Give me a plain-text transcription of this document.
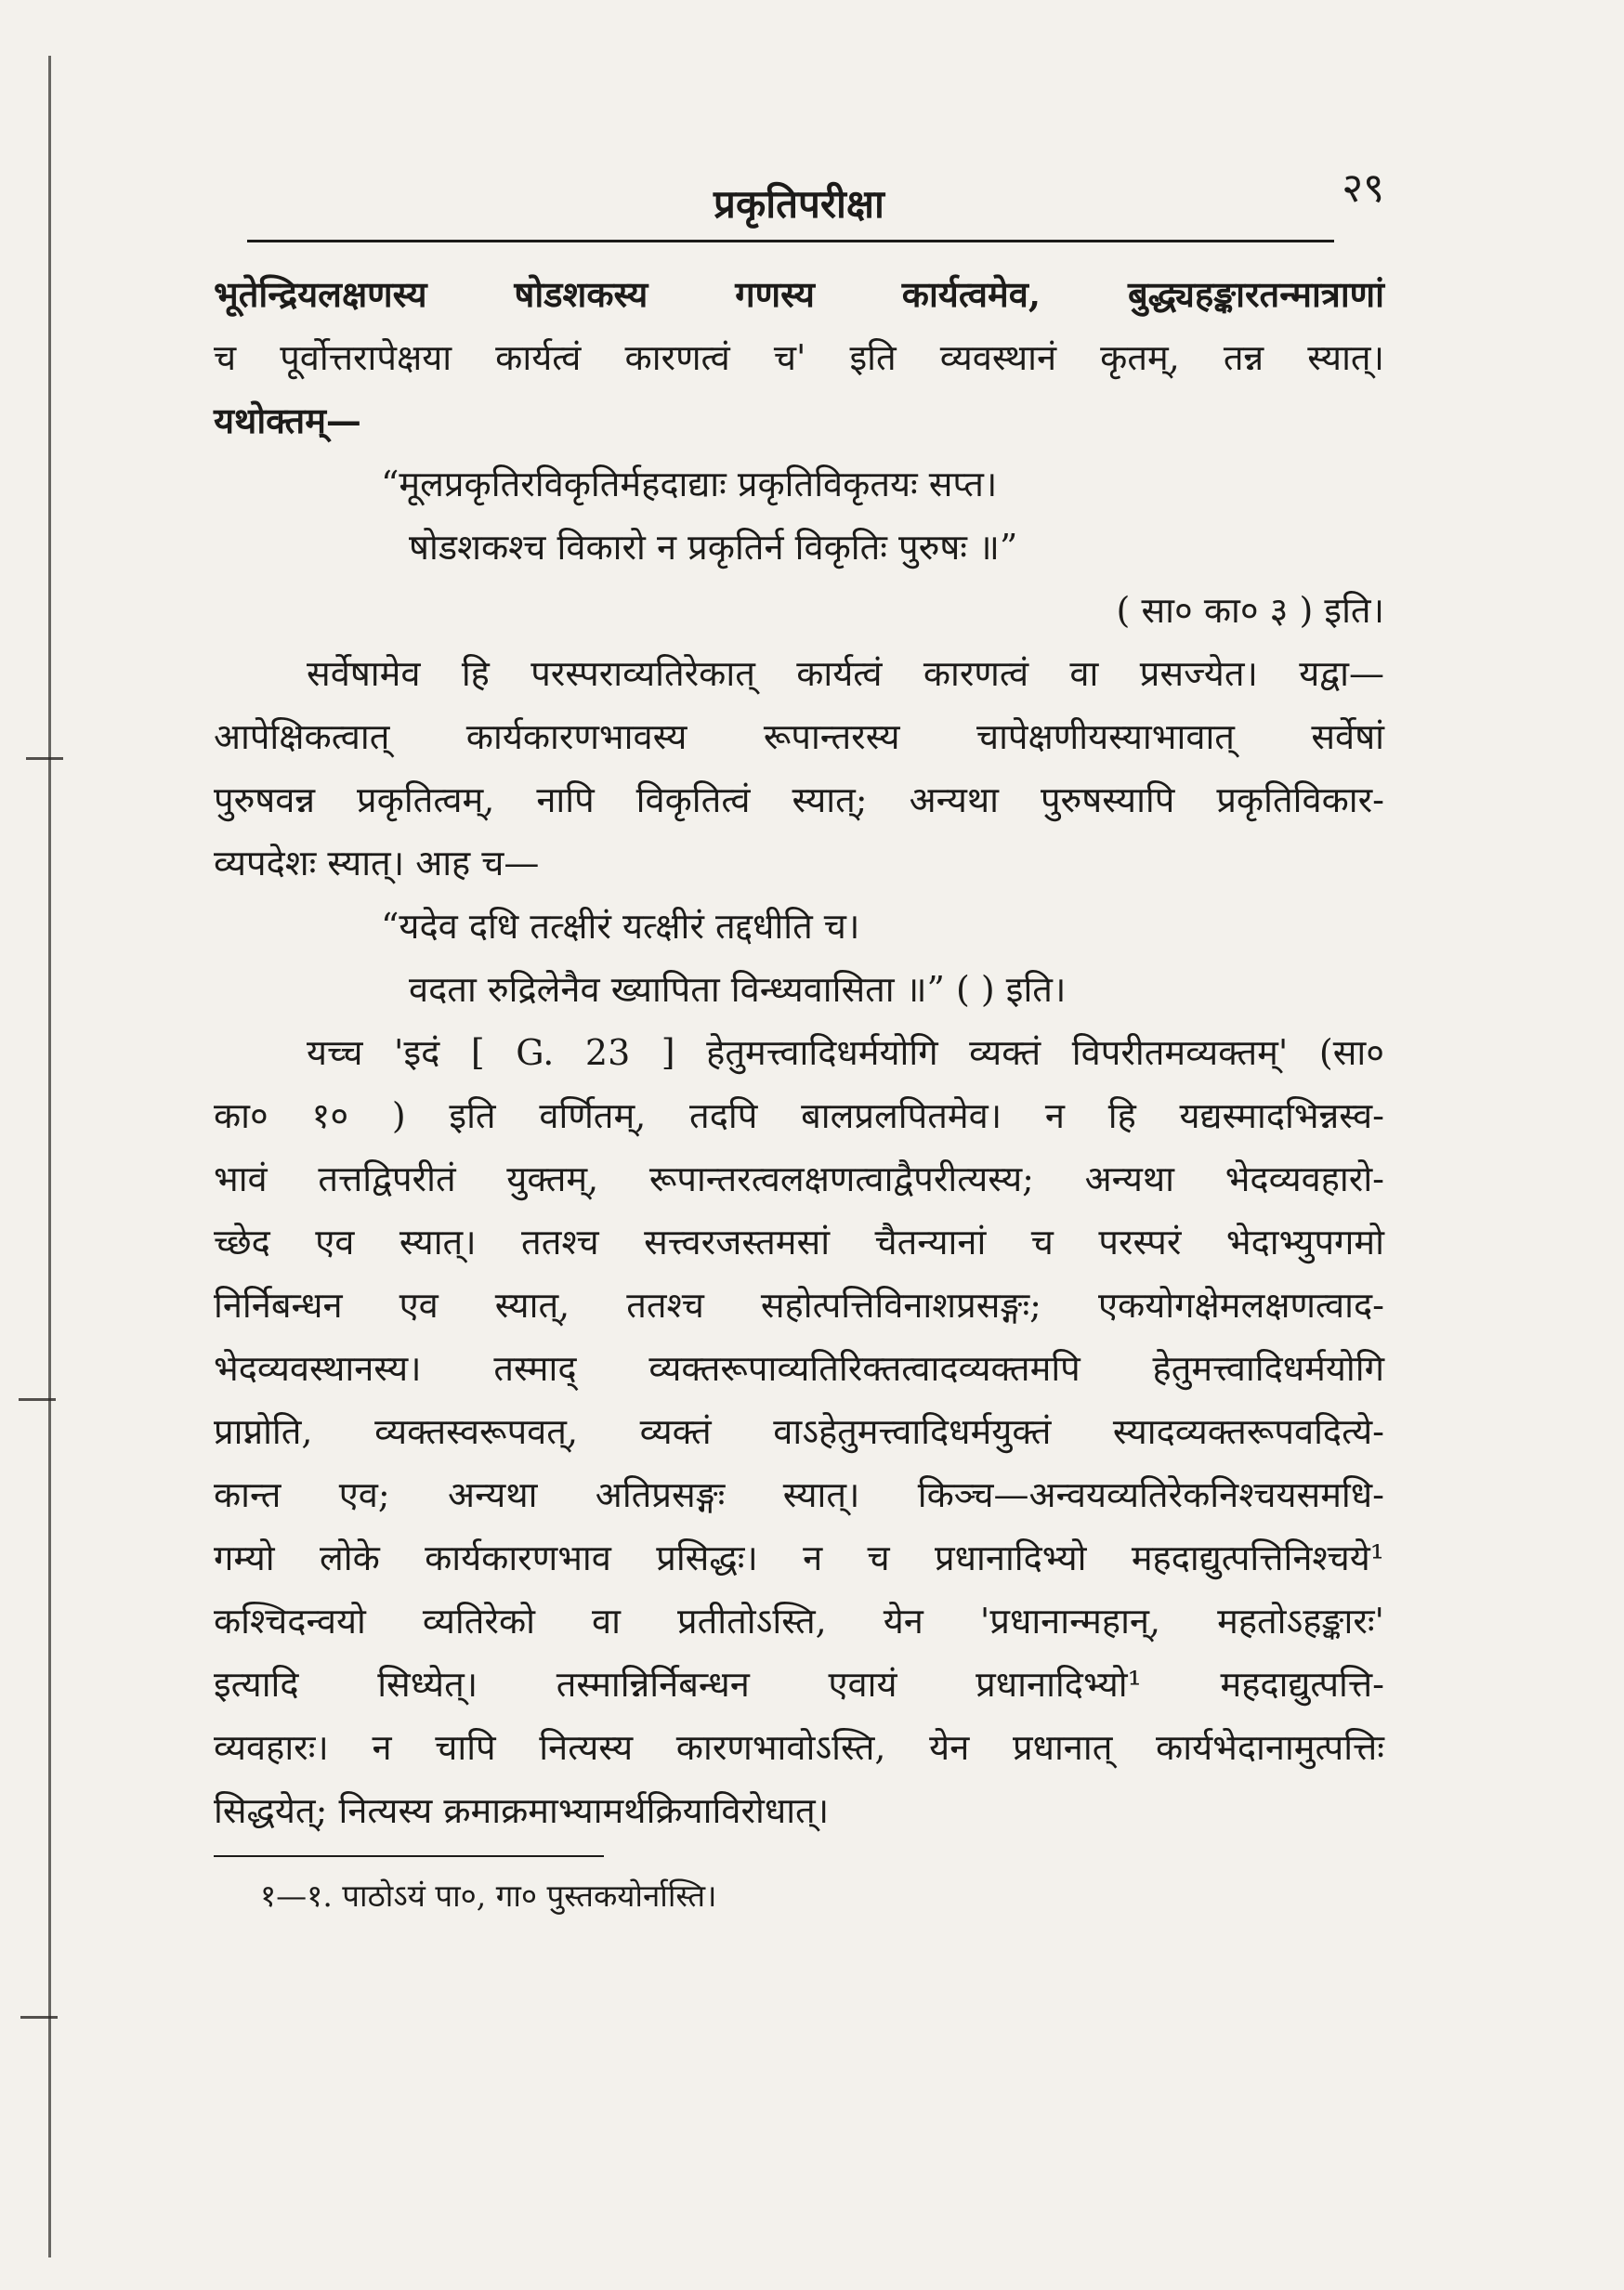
प्रकृतिपरीक्षा	२९
भूतेन्द्रियलक्षणस्य षोडशकस्य गणस्य कार्यत्वमेव, बुद्ध्यहङ्कारतन्मात्राणां
च पूर्वोत्तरापेक्षया कार्यत्वं कारणत्वं च' इति व्यवस्थानं कृतम्, तन्न स्यात्।
यथोक्तम्—
“मूलप्रकृतिरविकृतिर्महदाद्याः प्रकृतिविकृतयः सप्त।
षोडशकश्च विकारो न प्रकृतिर्न विकृतिः पुरुषः ॥”
( सा० का० ३ ) इति।
सर्वेषामेव हि परस्पराव्यतिरेकात् कार्यत्वं कारणत्वं वा प्रसज्येत। यद्वा—
आपेक्षिकत्वात् कार्यकारणभावस्य रूपान्तरस्य चापेक्षणीयस्याभावात् सर्वेषां
पुरुषवन्न प्रकृतित्वम्, नापि विकृतित्वं स्यात्; अन्यथा पुरुषस्यापि प्रकृतिविकार-
व्यपदेशः स्यात्। आह च—
“यदेव दधि तत्क्षीरं यत्क्षीरं तद्दधीति च।
वदता रुद्रिलेनैव ख्यापिता विन्ध्यवासिता ॥” ( ) इति।
यच्च 'इदं [ G. 23 ] हेतुमत्त्वादिधर्मयोगि व्यक्तं विपरीतमव्यक्तम्' (सा०
का० १० ) इति वर्णितम्, तदपि बालप्रलपितमेव। न हि यद्यस्मादभिन्नस्व-
भावं तत्तद्विपरीतं युक्तम्, रूपान्तरत्वलक्षणत्वाद्वैपरीत्यस्य; अन्यथा भेदव्यवहारो-
च्छेद एव स्यात्। ततश्च सत्त्वरजस्तमसां चैतन्यानां च परस्परं भेदाभ्युपगमो
निर्निबन्धन एव स्यात्, ततश्च सहोत्पत्तिविनाशप्रसङ्गः; एकयोगक्षेमलक्षणत्वाद-
भेदव्यवस्थानस्य। तस्माद् व्यक्तरूपाव्यतिरिक्तत्वादव्यक्तमपि हेतुमत्त्वादिधर्मयोगि
प्राप्नोति, व्यक्तस्वरूपवत्, व्यक्तं वाऽहेतुमत्त्वादिधर्मयुक्तं स्यादव्यक्तरूपवदित्ये-
कान्त एव; अन्यथा अतिप्रसङ्गः स्यात्। किञ्च—अन्वयव्यतिरेकनिश्चयसमधि-
गम्यो लोके कार्यकारणभाव प्रसिद्धः। न च प्रधानादिभ्यो महदाद्युत्पत्तिनिश्चये¹
कश्चिदन्वयो व्यतिरेको वा प्रतीतोऽस्ति, येन 'प्रधानान्महान्, महतोऽहङ्कारः'
इत्यादि सिध्येत्। तस्मान्निर्निबन्धन एवायं प्रधानादिभ्यो¹ महदाद्युत्पत्ति-
व्यवहारः। न चापि नित्यस्य कारणभावोऽस्ति, येन प्रधानात् कार्यभेदानामुत्पत्तिः
सिद्धयेत्; नित्यस्य क्रमाक्रमाभ्यामर्थक्रियाविरोधात्।
१—१. पाठोऽयं पा०, गा० पुस्तकयोर्नास्ति।
